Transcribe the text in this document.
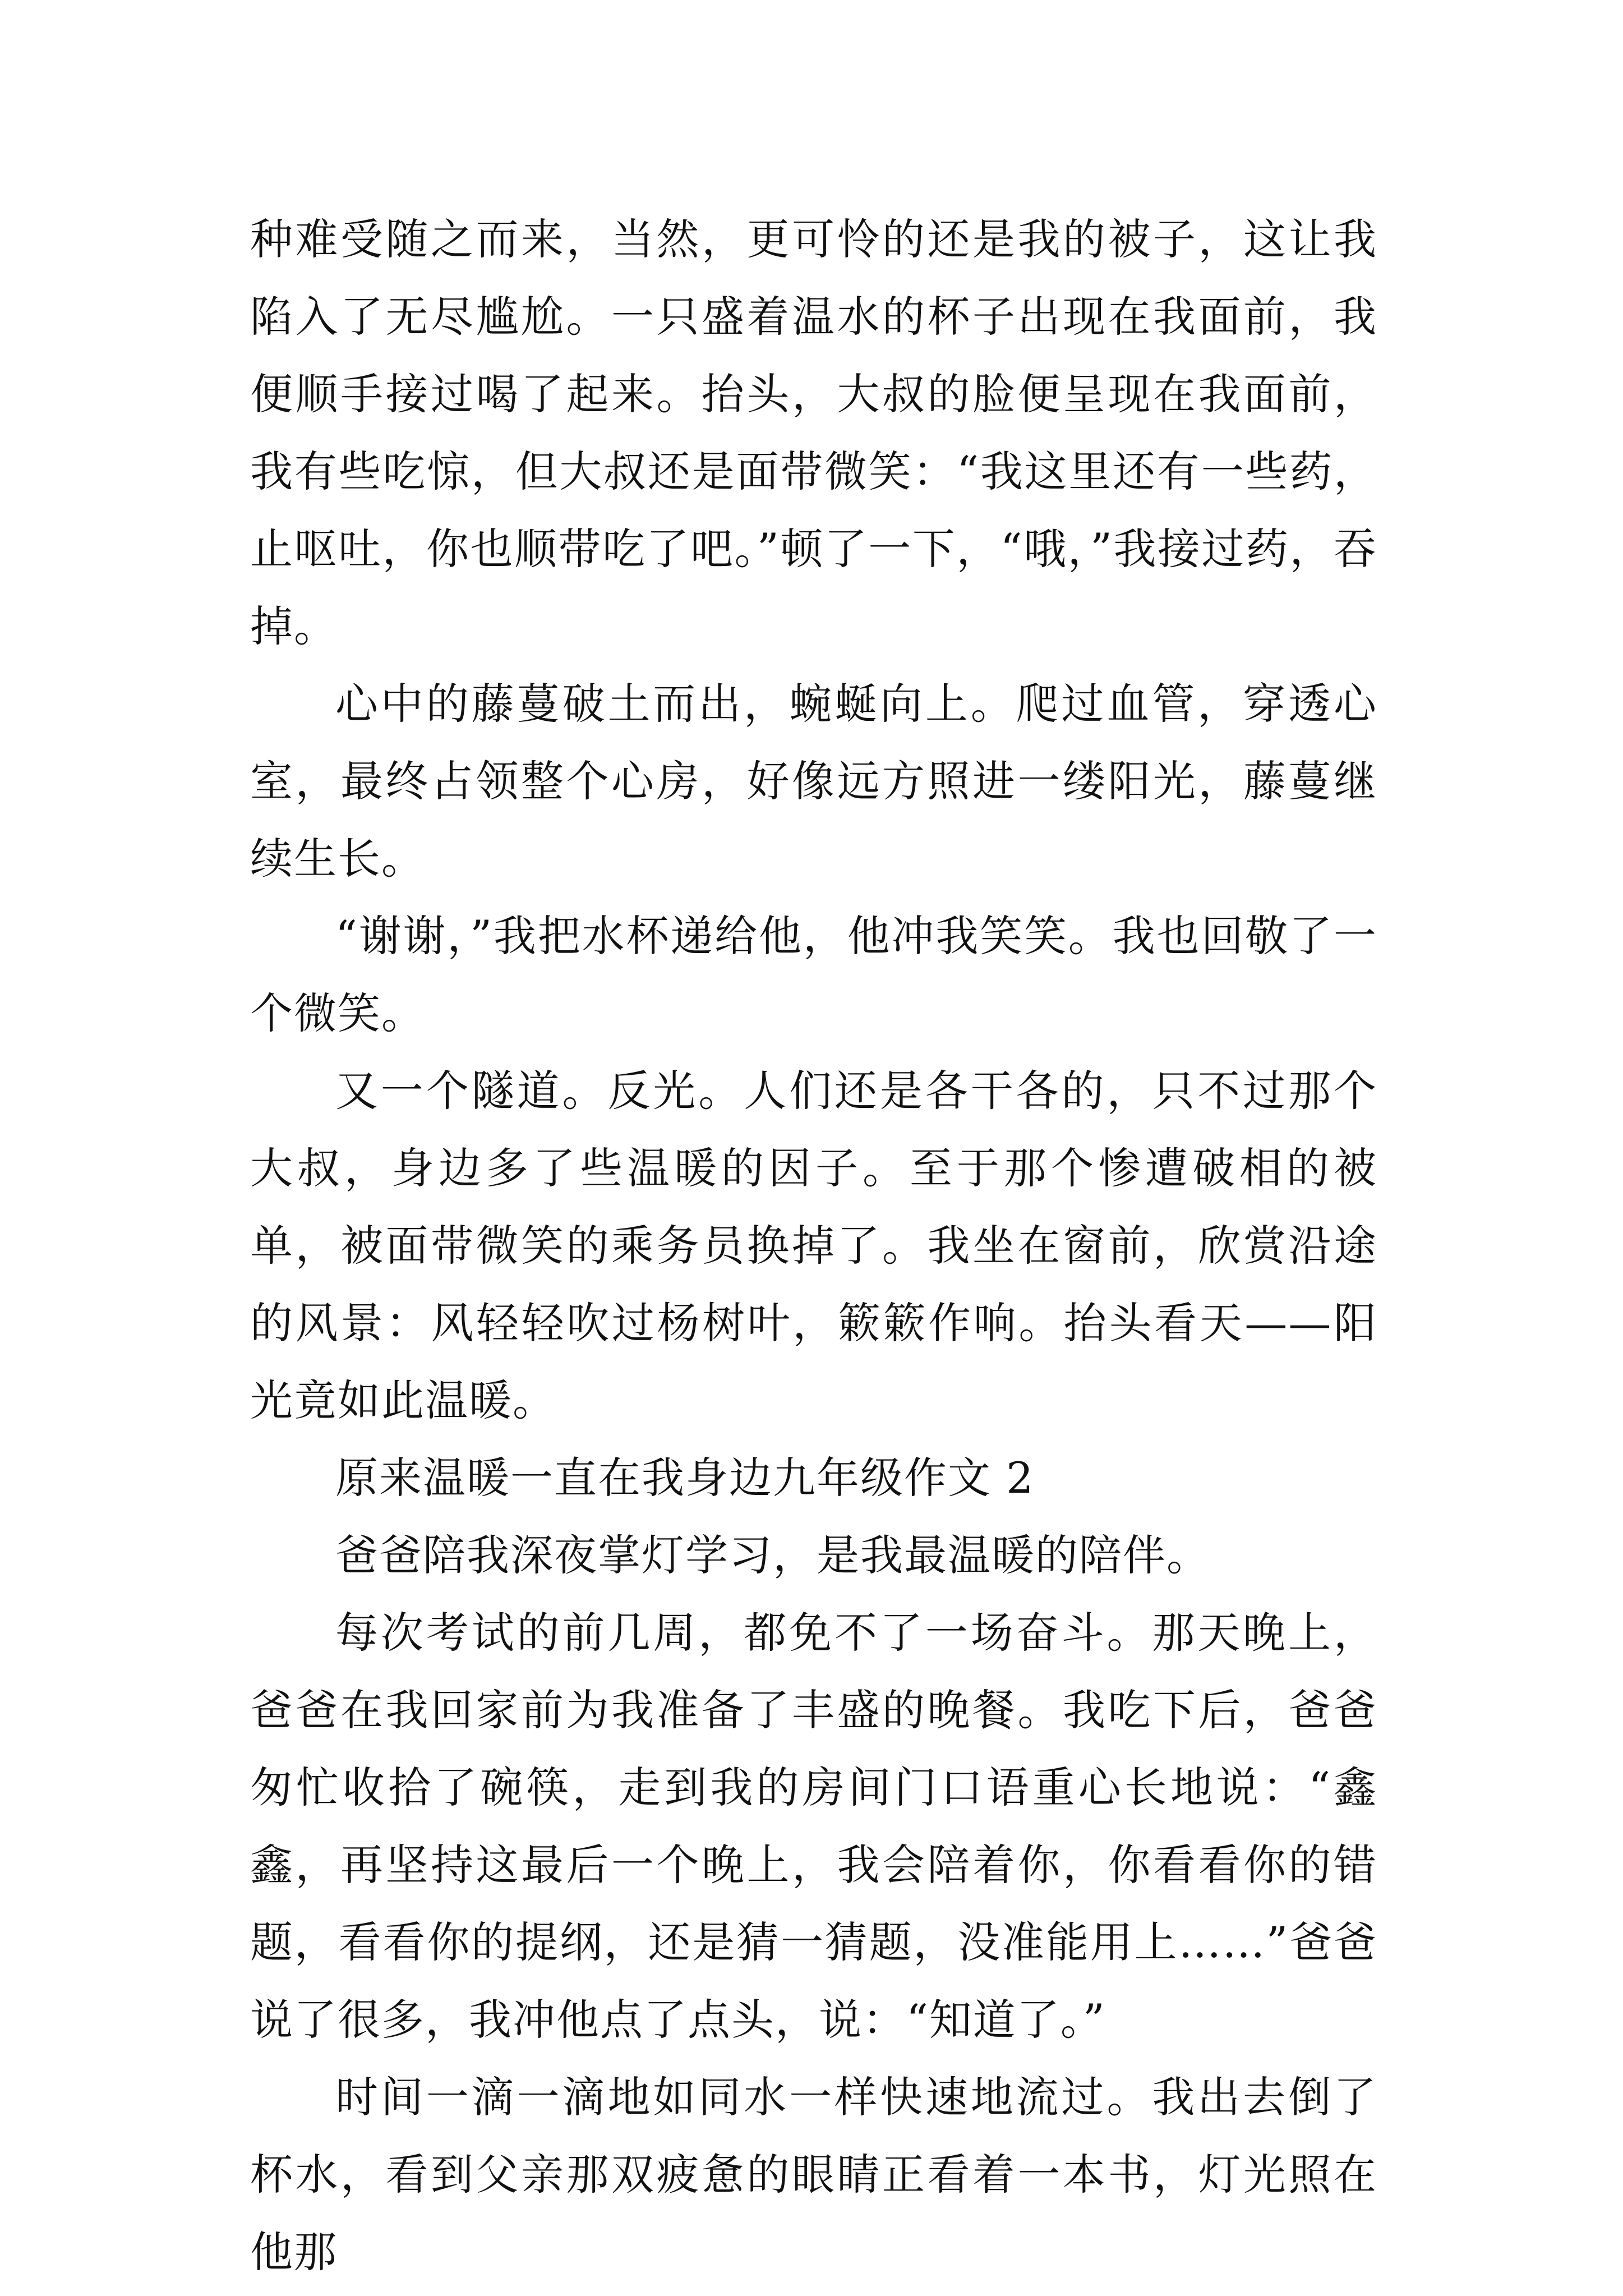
种难受随之而来，当然，更可怜的还是我的被子，这让我陷入了无尽尴尬。一只盛着温水的杯子出现在我面前，我便顺手接过喝了起来。抬头，大叔的脸便呈现在我面前，我有些吃惊，但大叔还是面带微笑：“我这里还有一些药，止呕吐，你也顺带吃了吧。”顿了一下，“哦，”我接过药，吞掉。

心中的藤蔓破土而出，蜿蜒向上。爬过血管，穿透心室，最终占领整个心房，好像远方照进一缕阳光，藤蔓继续生长。

“谢谢，”我把水杯递给他，他冲我笑笑。我也回敬了一个微笑。

又一个隧道。反光。人们还是各干各的，只不过那个大叔，身边多了些温暖的因子。至于那个惨遭破相的被单，被面带微笑的乘务员换掉了。我坐在窗前，欣赏沿途的风景：风轻轻吹过杨树叶，簌簌作响。抬头看天——阳光竟如此温暖。

原来温暖一直在我身边九年级作文 2

爸爸陪我深夜掌灯学习，是我最温暖的陪伴。

每次考试的前几周，都免不了一场奋斗。那天晚上，爸爸在我回家前为我准备了丰盛的晚餐。我吃下后，爸爸匆忙收拾了碗筷，走到我的房间门口语重心长地说：“鑫鑫，再坚持这最后一个晚上，我会陪着你，你看看你的错题，看看你的提纲，还是猜一猜题，没准能用上……”爸爸说了很多，我冲他点了点头，说：“知道了。”

时间一滴一滴地如同水一样快速地流过。我出去倒了杯水，看到父亲那双疲惫的眼睛正看着一本书，灯光照在他那
